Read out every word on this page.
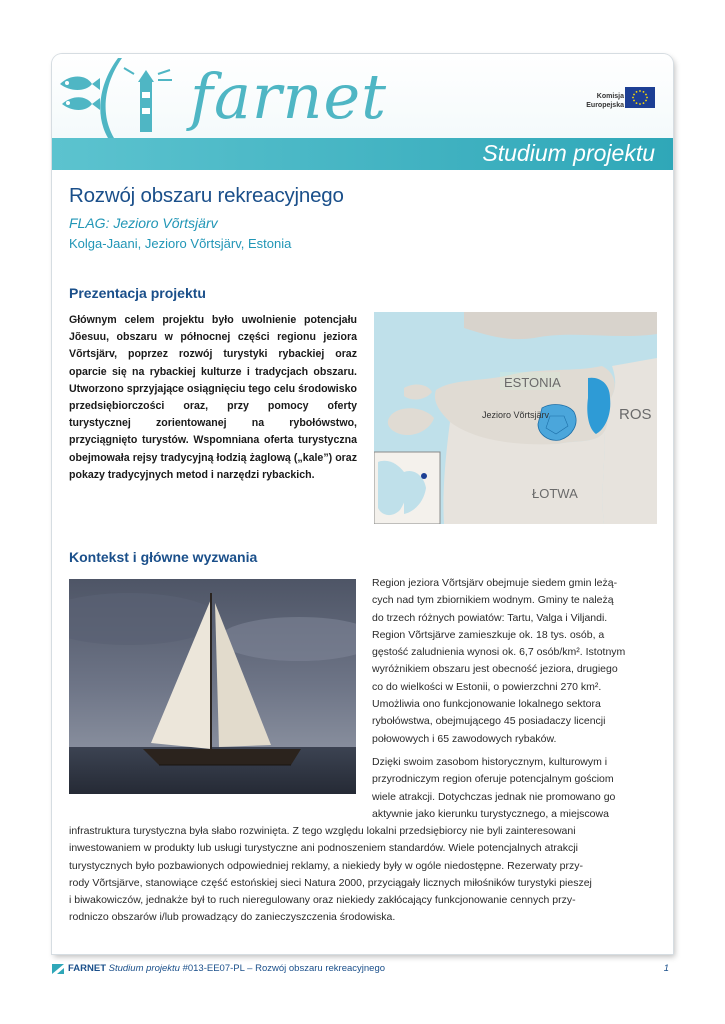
farnet	Komisja
Europejska
Studium projektu
Rozwój obszaru rekreacyjnego
FLAG: Jezioro Võrtsjärv
Kolga-Jaani, Jezioro Võrtsjärv, Estonia
Prezentacja projektu
Głównym celem projektu było uwolnienie potencjału Jõesuu, obszaru w północnej części regionu jeziora Võrtsjärv, poprzez rozwój turystyki rybackiej oraz oparcie się na rybackiej kulturze i tradycjach obszaru. Utworzono sprzyjające osiągnięciu tego celu środowisko przedsiębiorczości oraz, przy pomocy oferty turystycznej zorientowanej na rybołówstwo, przyciągnięto turystów. Wspomniana oferta turystyczna obejmowała rejsy tradycyjną łodzią żaglową („kale”) oraz pokazy tradycyjnych metod i narzędzi rybackich.
ESTONIA
Jezioro Võrtsjärv	ROS
ŁOTWA
Kontekst i główne wyzwania
Region jeziora Võrtsjärv obejmuje siedem gmin leżą-
cych nad tym zbiornikiem wodnym. Gminy te należą
do trzech różnych powiatów: Tartu, Valga i Viljandi.
Region Võrtsjärve zamieszkuje ok. 18 tys. osób, a
gęstość zaludnienia wynosi ok. 6,7 osób/km². Istotnym
wyróżnikiem obszaru jest obecność jeziora, drugiego
co do wielkości w Estonii, o powierzchni 270 km².
Umożliwia ono funkcjonowanie lokalnego sektora
rybołówstwa, obejmującego 45 posiadaczy licencji
połowowych i 65 zawodowych rybaków.
Dzięki swoim zasobom historycznym, kulturowym i
przyrodniczym region oferuje potencjalnym gościom
wiele atrakcji. Dotychczas jednak nie promowano go
aktywnie jako kierunku turystycznego, a miejscowa
infrastruktura turystyczna była słabo rozwinięta. Z tego względu lokalni przedsiębiorcy nie byli zainteresowani
inwestowaniem w produkty lub usługi turystyczne ani podnoszeniem standardów. Wiele potencjalnych atrakcji
turystycznych było pozbawionych odpowiedniej reklamy, a niekiedy były w ogóle niedostępne. Rezerwaty przy-
rody Võrtsjärve, stanowiące część estońskiej sieci Natura 2000, przyciągały licznych miłośników turystyki pieszej
i biwakowiczów, jednakże był to ruch nieregulowany oraz niekiedy zakłócający funkcjonowanie cennych przy-
rodniczo obszarów i/lub prowadzący do zanieczyszczenia środowiska.
FARNET Studium projektu #013-EE07-PL – Rozwój obszaru rekreacyjnego	1
